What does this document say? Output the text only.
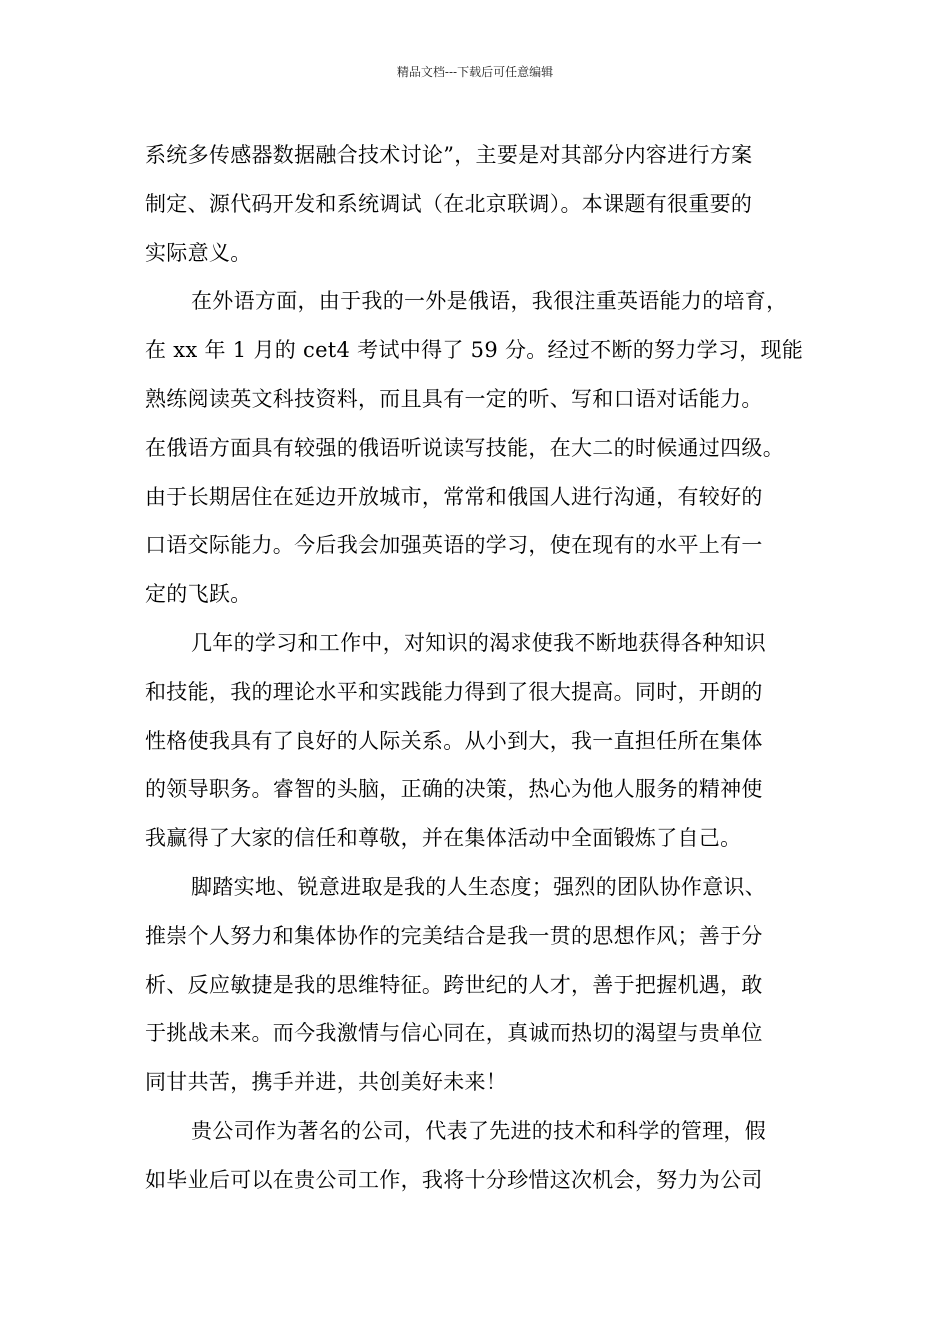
精品文档---下载后可任意编辑
系统多传感器数据融合技术讨论”，主要是对其部分内容进行方案
制定、源代码开发和系统调试（在北京联调）。本课题有很重要的
实际意义。
在外语方面，由于我的一外是俄语，我很注重英语能力的培育，
在 xx 年 1 月的 cet4 考试中得了 59 分。经过不断的努力学习，现能
熟练阅读英文科技资料，而且具有一定的听、写和口语对话能力。
在俄语方面具有较强的俄语听说读写技能，在大二的时候通过四级。
由于长期居住在延边开放城市，常常和俄国人进行沟通，有较好的
口语交际能力。今后我会加强英语的学习，使在现有的水平上有一
定的飞跃。
几年的学习和工作中，对知识的渴求使我不断地获得各种知识
和技能，我的理论水平和实践能力得到了很大提高。同时，开朗的
性格使我具有了良好的人际关系。从小到大，我一直担任所在集体
的领导职务。睿智的头脑，正确的决策，热心为他人服务的精神使
我赢得了大家的信任和尊敬，并在集体活动中全面锻炼了自己。
脚踏实地、锐意进取是我的人生态度；强烈的团队协作意识、
推崇个人努力和集体协作的完美结合是我一贯的思想作风；善于分
析、反应敏捷是我的思维特征。跨世纪的人才，善于把握机遇，敢
于挑战未来。而今我激情与信心同在，真诚而热切的渴望与贵单位
同甘共苦，携手并进，共创美好未来！
贵公司作为著名的公司，代表了先进的技术和科学的管理，假
如毕业后可以在贵公司工作，我将十分珍惜这次机会，努力为公司
